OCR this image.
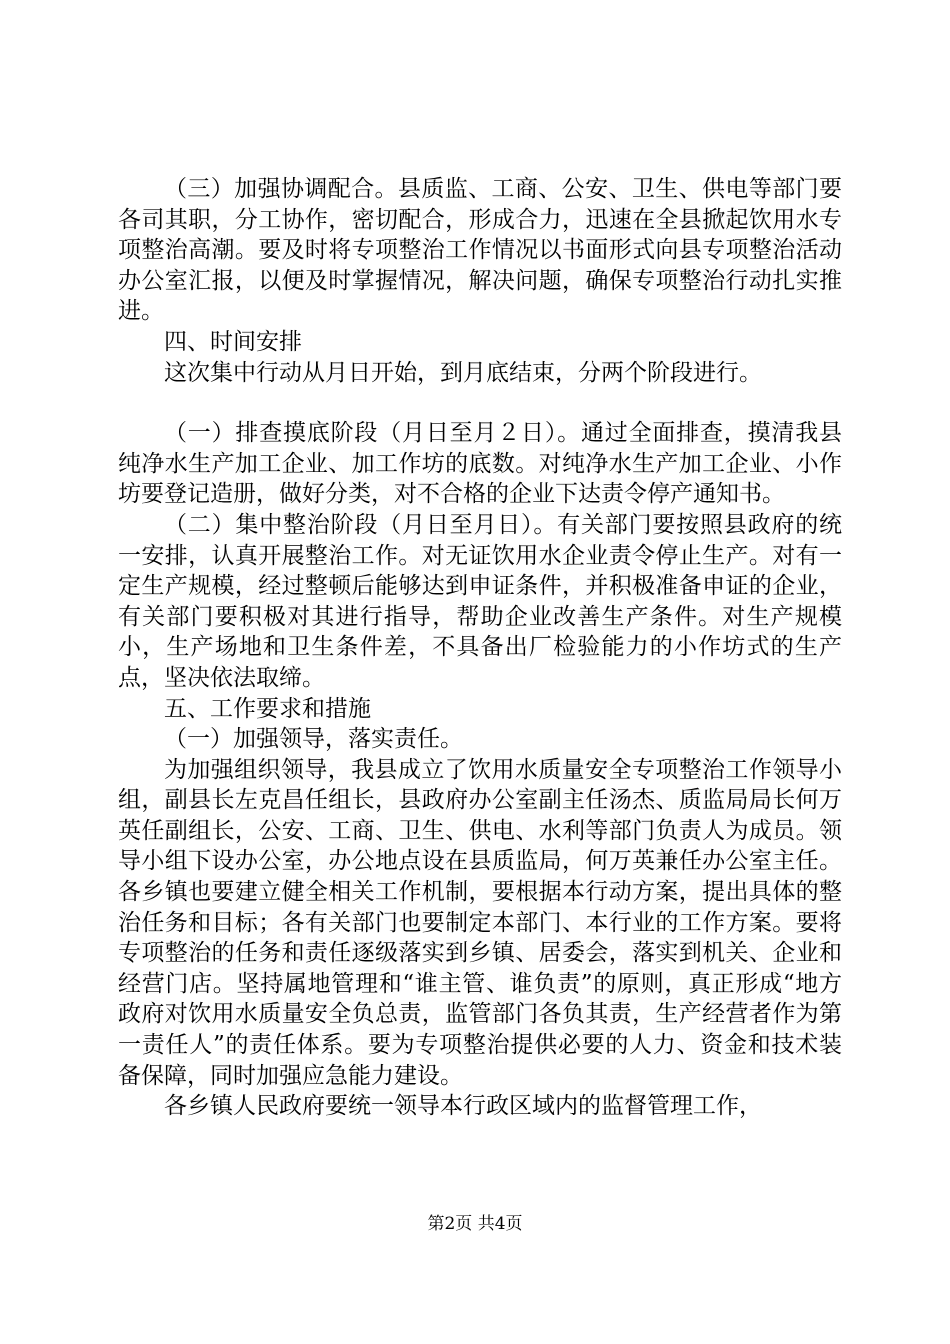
（三）加强协调配合。县质监、工商、公安、卫生、供电等部门要各司其职，分工协作，密切配合，形成合力，迅速在全县掀起饮用水专项整治高潮。要及时将专项整治工作情况以书面形式向县专项整治活动办公室汇报，以便及时掌握情况，解决问题，确保专项整治行动扎实推进。

四、时间安排

这次集中行动从月日开始，到月底结束，分两个阶段进行。

（一）排查摸底阶段（月日至月２日）。通过全面排查，摸清我县纯净水生产加工企业、加工作坊的底数。对纯净水生产加工企业、小作坊要登记造册，做好分类，对不合格的企业下达责令停产通知书。

（二）集中整治阶段（月日至月日）。有关部门要按照县政府的统一安排，认真开展整治工作。对无证饮用水企业责令停止生产。对有一定生产规模，经过整顿后能够达到申证条件，并积极准备申证的企业，有关部门要积极对其进行指导，帮助企业改善生产条件。对生产规模小，生产场地和卫生条件差，不具备出厂检验能力的小作坊式的生产点，坚决依法取缔。

五、工作要求和措施

（一）加强领导，落实责任。

为加强组织领导，我县成立了饮用水质量安全专项整治工作领导小组，副县长左克昌任组长，县政府办公室副主任汤杰、质监局局长何万英任副组长，公安、工商、卫生、供电、水利等部门负责人为成员。领导小组下设办公室，办公地点设在县质监局，何万英兼任办公室主任。各乡镇也要建立健全相关工作机制，要根据本行动方案，提出具体的整治任务和目标；各有关部门也要制定本部门、本行业的工作方案。要将专项整治的任务和责任逐级落实到乡镇、居委会，落实到机关、企业和经营门店。坚持属地管理和“谁主管、谁负责”的原则，真正形成“地方政府对饮用水质量安全负总责，监管部门各负其责，生产经营者作为第一责任人”的责任体系。要为专项整治提供必要的人力、资金和技术装备保障，同时加强应急能力建设。

各乡镇人民政府要统一领导本行政区域内的监督管理工作，

第2页 共4页
